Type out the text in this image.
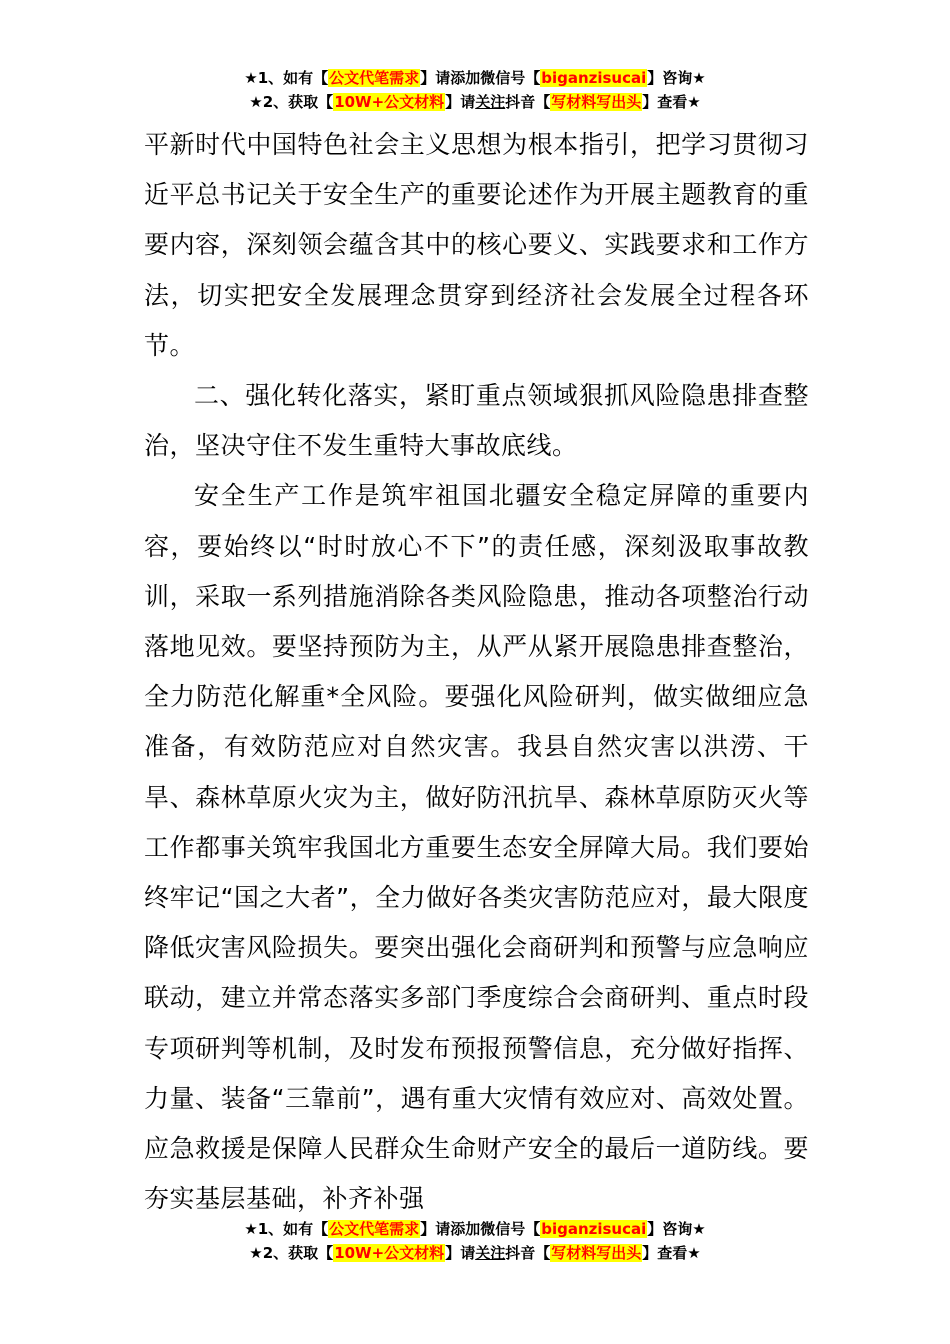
★1、如有【公文代笔需求】请添加微信号【biganzisucai】咨询★
★2、获取【10W+公文材料】请关注抖音【写材料写出头】查看★

平新时代中国特色社会主义思想为根本指引，把学习贯彻习近平总书记关于安全生产的重要论述作为开展主题教育的重要内容，深刻领会蕴含其中的核心要义、实践要求和工作方法，切实把安全发展理念贯穿到经济社会发展全过程各环节。

二、强化转化落实，紧盯重点领域狠抓风险隐患排查整治，坚决守住不发生重特大事故底线。

安全生产工作是筑牢祖国北疆安全稳定屏障的重要内容，要始终以“时时放心不下”的责任感，深刻汲取事故教训，采取一系列措施消除各类风险隐患，推动各项整治行动落地见效。要坚持预防为主，从严从紧开展隐患排查整治，全力防范化解重*全风险。要强化风险研判，做实做细应急准备，有效防范应对自然灾害。我县自然灾害以洪涝、干旱、森林草原火灾为主，做好防汛抗旱、森林草原防灭火等工作都事关筑牢我国北方重要生态安全屏障大局。我们要始终牢记“国之大者”，全力做好各类灾害防范应对，最大限度降低灾害风险损失。要突出强化会商研判和预警与应急响应联动，建立并常态落实多部门季度综合会商研判、重点时段专项研判等机制，及时发布预报预警信息，充分做好指挥、力量、装备“三靠前”，遇有重大灾情有效应对、高效处置。应急救援是保障人民群众生命财产安全的最后一道防线。要夯实基层基础，补齐补强

★1、如有【公文代笔需求】请添加微信号【biganzisucai】咨询★
★2、获取【10W+公文材料】请关注抖音【写材料写出头】查看★
